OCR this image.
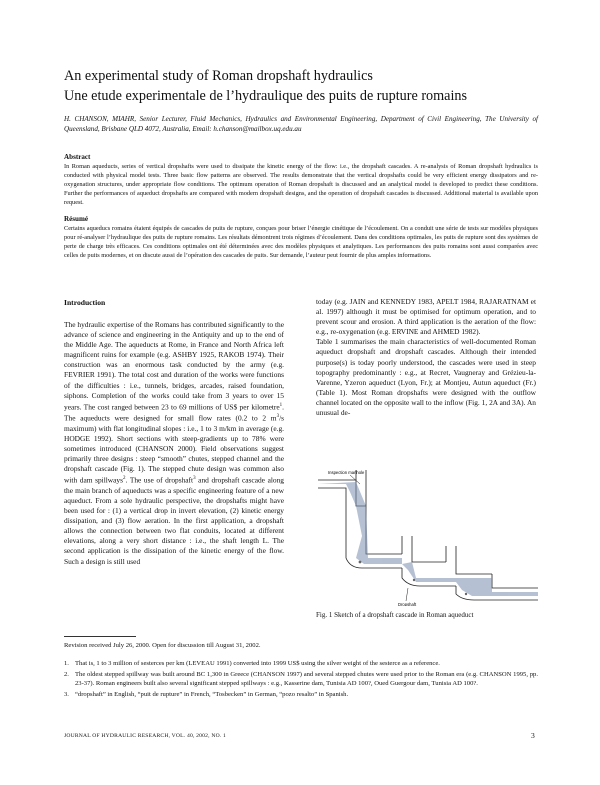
An experimental study of Roman dropshaft hydraulics
Une etude experimentale de l’hydraulique des puits de rupture romains
H. CHANSON, MIAHR, Senior Lecturer, Fluid Mechanics, Hydraulics and Environmental Engineering, Department of Civil Engineering, The University of Queensland, Brisbane QLD 4072, Australia, Email: h.chanson@mailbox.uq.edu.au
Abstract
In Roman aqueducts, series of vertical dropshafts were used to dissipate the kinetic energy of the flow: i.e., the dropshaft cascades. A re-analysis of Roman dropshaft hydraulics is conducted with physical model tests. Three basic flow patterns are observed. The results demonstrate that the vertical dropshafts could be very efficient energy dissipators and re-oxygenation structures, under appropriate flow conditions. The optimum operation of Roman dropshaft is discussed and an analytical model is developed to predict these conditions. Further the performances of aqueduct dropshafts are compared with modern dropshaft designs, and the operation of dropshaft cascades is discussed. Additional material is available upon request.
Résumé
Certains aqueducs romains étaient équipés de cascades de puits de rupture, conçues pour briser l’énergie cinétique de l’écoulement. On a conduit une série de tests sur modèles physiques pour ré-analyser l’hydraulique des puits de rupture romains. Les résultats démontrent trois régimes d’écoulement. Dans des conditions optimales, les puits de rupture sont des systèmes de perte de charge très efficaces. Ces conditions optimales ont été déterminées avec des modèles physiques et analytiques. Les performances des puits romains sont aussi comparées avec celles de puits modernes, et on discute aussi de l’opération des cascades de puits. Sur demande, l’auteur peut fournir de plus amples informations.
Introduction
The hydraulic expertise of the Romans has contributed significantly to the advance of science and engineering in the Antiquity and up to the end of the Middle Age. The aqueducts at Rome, in France and North Africa left magnificent ruins for example (e.g. ASHBY 1925, RAKOB 1974). Their construction was an enormous task conducted by the army (e.g. FEVRIER 1991). The total cost and duration of the works were functions of the difficulties : i.e., tunnels, bridges, arcades, raised foundation, siphons. Completion of the works could take from 3 years to over 15 years. The cost ranged between 23 to 69 millions of US$ per kilometre$^1$. The aqueducts were designed for small flow rates (0.2 to 2 $m^3/s$ maximum) with flat longitudinal slopes : i.e., 1 to 3 m/km in average (e.g. HODGE 1992). Short sections with steep-gradients up to 78% were sometimes introduced (CHANSON 2000). Field observations suggest primarily three designs : steep “smooth” chutes, stepped channel and the dropshaft cascade (Fig. 1). The stepped chute design was common also with dam spillways$^2$. The use of dropshaft$^3$ and dropshaft cascade along the main branch of aqueducts was a specific engineering feature of a new aqueduct. From a sole hydraulic perspective, the dropshafts might have been used for : (1) a vertical drop in invert elevation, (2) kinetic energy dissipation, and (3) flow aeration. In the first application, a dropshaft allows the connection between two flat conduits, located at different elevations, along a very short distance : i.e., the shaft length L. The second application is the dissipation of the kinetic energy of the flow. Such a design is still used

today (e.g. JAIN and KENNEDY 1983, APELT 1984, RAJARATNAM et al. 1997) although it must be optimised for optimum operation, and to prevent scour and erosion. A third application is the aeration of the flow: e.g., re-oxygenation (e.g. ERVINE and AHMED 1982).

Table 1 summarises the main characteristics of well-documented Roman aqueduct dropshaft and dropshaft cascades. Although their intended purpose(s) is today poorly understood, the cascades were used in steep topography predominantly : e.g., at Recret, Vaugneray and Grézieu-la-Varenne, Yzeron aqueduct (Lyon, Fr.); at Montjeu, Autun aqueduct (Fr.) (Table 1). Most Roman dropshafts were designed with the outflow channel located on the opposite wall to the inflow (Fig. 1, 2A and 3A). An unusual de-

Inspection manhole
Dropshaft
Fig. 1 Sketch of a dropshaft cascade in Roman aqueduct
Revision received July 26, 2000. Open for discussion till August 31, 2002.
1. That is, 1 to 3 million of sesterces per km (LEVEAU 1991) converted into 1999 US$ using the silver weight of the sesterce as a reference.
2. The oldest stepped spillway was built around BC 1,300 in Greece (CHANSON 1997) and several stepped chutes were used prior to the Roman era (e.g. CHANSON 1995, pp. 23-37). Roman engineers built also several significant stepped spillways : e.g., Kasserine dam, Tunisia AD 100?, Oued Guergour dam, Tunisia AD 100?.
3. “dropshaft” in English, “puit de rupture” in French, “Tosbecken” in German, “pozo resalto” in Spanish.
JOURNAL OF HYDRAULIC RESEARCH, VOL. 40, 2002, NO. 1	3
